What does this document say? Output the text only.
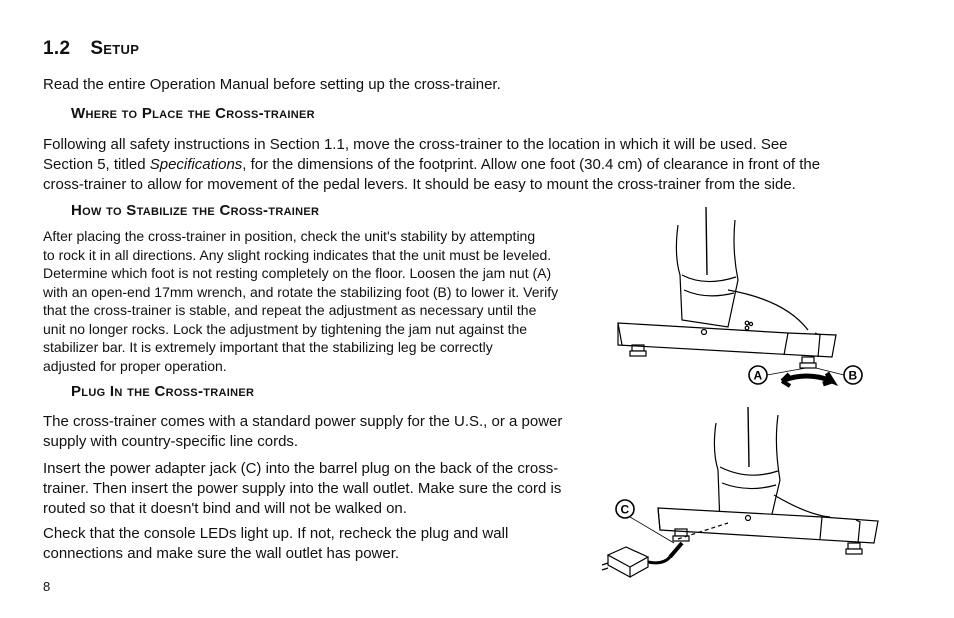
1.2 Setup
Read the entire Operation Manual before setting up the cross-trainer.
Where to Place the Cross-trainer
Following all safety instructions in Section 1.1, move the cross-trainer to the location in which it will be used. See
Section 5, titled Specifications, for the dimensions of the footprint. Allow one foot (30.4 cm) of clearance in front of the
cross-trainer to allow for movement of the pedal levers. It should be easy to mount the cross-trainer from the side.
How to Stabilize the Cross-trainer
After placing the cross-trainer in position, check the unit's stability by attempting
to rock it in all directions. Any slight rocking indicates that the unit must be leveled.
Determine which foot is not resting completely on the floor. Loosen the jam nut (A)
with an open-end 17mm wrench, and rotate the stabilizing foot (B) to lower it. Verify
that the cross-trainer is stable, and repeat the adjustment as necessary until the
unit no longer rocks. Lock the adjustment by tightening the jam nut against the
stabilizer bar. It is extremely important that the stabilizing leg be correctly
adjusted for proper operation.
Plug In the Cross-trainer
The cross-trainer comes with a standard power supply for the U.S., or a power
supply with country-specific line cords.
Insert the power adapter jack (C) into the barrel plug on the back of the cross-
trainer. Then insert the power supply into the wall outlet. Make sure the cord is
routed so that it doesn't bind and will not be walked on.
Check that the console LEDs light up. If not, recheck the plug and wall
connections and make sure the wall outlet has power.
8
A	B
C
